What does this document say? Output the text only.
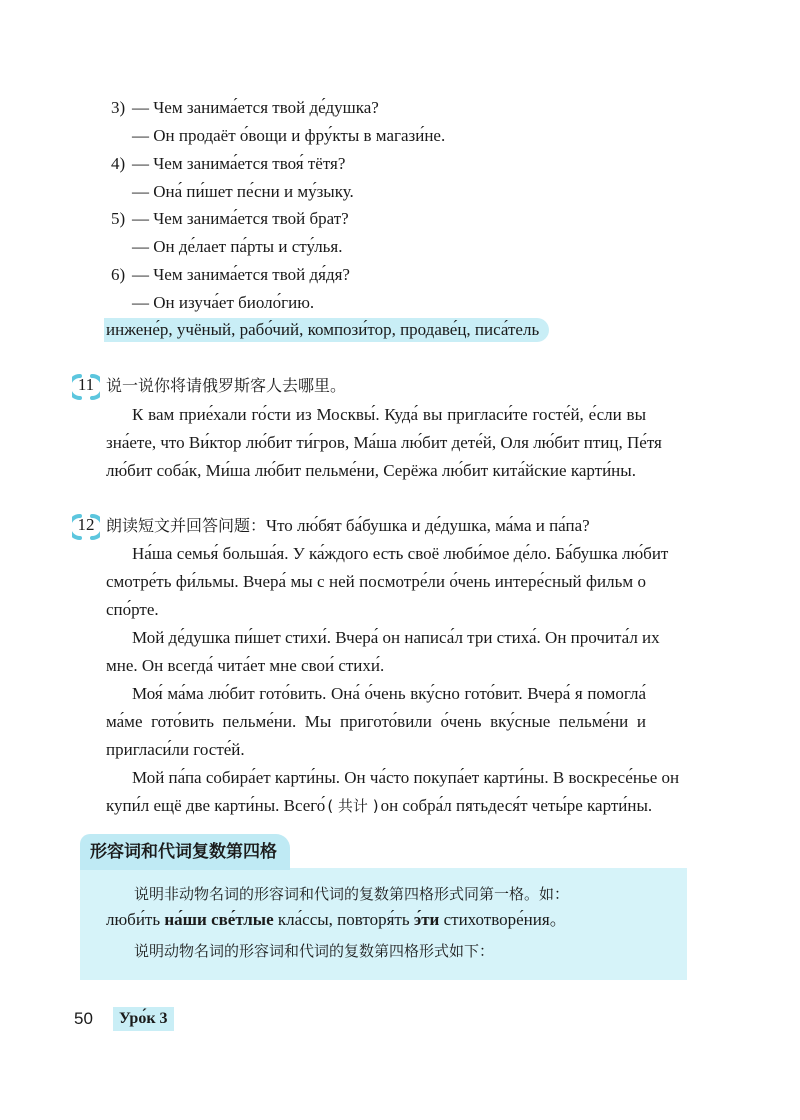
3) — Чем занима́ется твой де́душка?
— Он продаёт о́вощи и фру́кты в магази́не.
4) — Чем занима́ется твоя́ тётя?
— Она́ пи́шет пе́сни и му́зыку.
5) — Чем занима́ется твой брат?
— Он де́лает па́рты и сту́лья.
6) — Чем занима́ется твой дя́дя?
— Он изуча́ет биоло́гию.
инжене́р, учёный, рабо́чий, компози́тор, продаве́ц, писа́тель
11 说一说你将请俄罗斯客人去哪里。
К вам прие́хали го́сти из Москвы́. Куда́ вы пригласи́те госте́й, е́сли вы
зна́ете, что Ви́ктор лю́бит ти́гров, Ма́ша лю́бит дете́й, Оля лю́бит птиц, Пе́тя
лю́бит соба́к, Ми́ша лю́бит пельме́ни, Серёжа лю́бит кита́йские карти́ны.
12 朗读短文并回答问题：Что лю́бят ба́бушка и де́душка, ма́ма и па́па?
На́ша семья́ больша́я. У ка́ждого есть своё люби́мое де́ло. Ба́бушка лю́бит
смотре́ть фи́льмы. Вчера́ мы с ней посмотре́ли о́чень интере́сный фильм о
спо́рте.
Мой де́душка пи́шет стихи́. Вчера́ он написа́л три стиха́. Он прочита́л их
мне. Он всегда́ чита́ет мне свои́ стихи́.
Моя́ ма́ма лю́бит гото́вить. Она́ о́чень вку́сно гото́вит. Вчера́ я помогла́
ма́ме гото́вить пельме́ни. Мы пригото́вили о́чень вку́сные пельме́ни и
пригласи́ли госте́й.
Мой па́па собира́ет карти́ны. Он ча́сто покупа́ет карти́ны. В воскресе́нье он
купи́л ещё две карти́ны. Всего́ ( 共计 ) он собра́л пятьдеся́т четы́ре карти́ны.
形容词和代词复数第四格
说明非动物名词的形容词和代词的复数第四格形式同第一格。如：
люби́ть на́ши све́тлые кла́ссы, повторя́ть э́ти стихотворе́ния。
说明动物名词的形容词和代词的复数第四格形式如下：
50	Уро́к 3
